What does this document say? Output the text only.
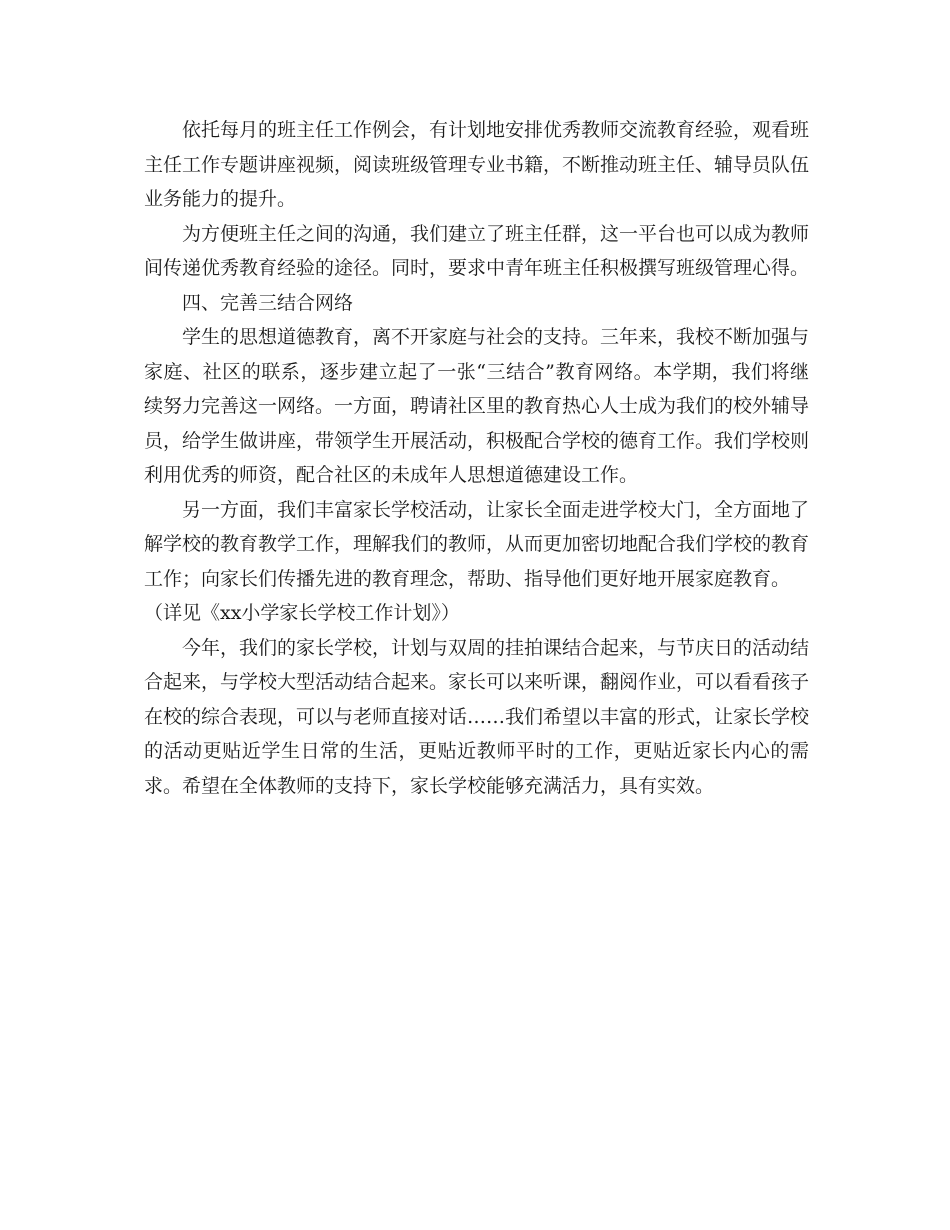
依托每月的班主任工作例会，有计划地安排优秀教师交流教育经验，观看班主任工作专题讲座视频，阅读班级管理专业书籍，不断推动班主任、辅导员队伍业务能力的提升。

为方便班主任之间的沟通，我们建立了班主任群，这一平台也可以成为教师间传递优秀教育经验的途径。同时，要求中青年班主任积极撰写班级管理心得。

四、完善三结合网络

学生的思想道德教育，离不开家庭与社会的支持。三年来，我校不断加强与家庭、社区的联系，逐步建立起了一张“三结合”教育网络。本学期，我们将继续努力完善这一网络。一方面，聘请社区里的教育热心人士成为我们的校外辅导员，给学生做讲座，带领学生开展活动，积极配合学校的德育工作。我们学校则利用优秀的师资，配合社区的未成年人思想道德建设工作。

另一方面，我们丰富家长学校活动，让家长全面走进学校大门，全方面地了解学校的教育教学工作，理解我们的教师，从而更加密切地配合我们学校的教育工作；向家长们传播先进的教育理念，帮助、指导他们更好地开展家庭教育。

（详见《xx小学家长学校工作计划》）

今年，我们的家长学校，计划与双周的挂拍课结合起来，与节庆日的活动结合起来，与学校大型活动结合起来。家长可以来听课，翻阅作业，可以看看孩子在校的综合表现，可以与老师直接对话……我们希望以丰富的形式，让家长学校的活动更贴近学生日常的生活，更贴近教师平时的工作，更贴近家长内心的需求。希望在全体教师的支持下，家长学校能够充满活力，具有实效。
